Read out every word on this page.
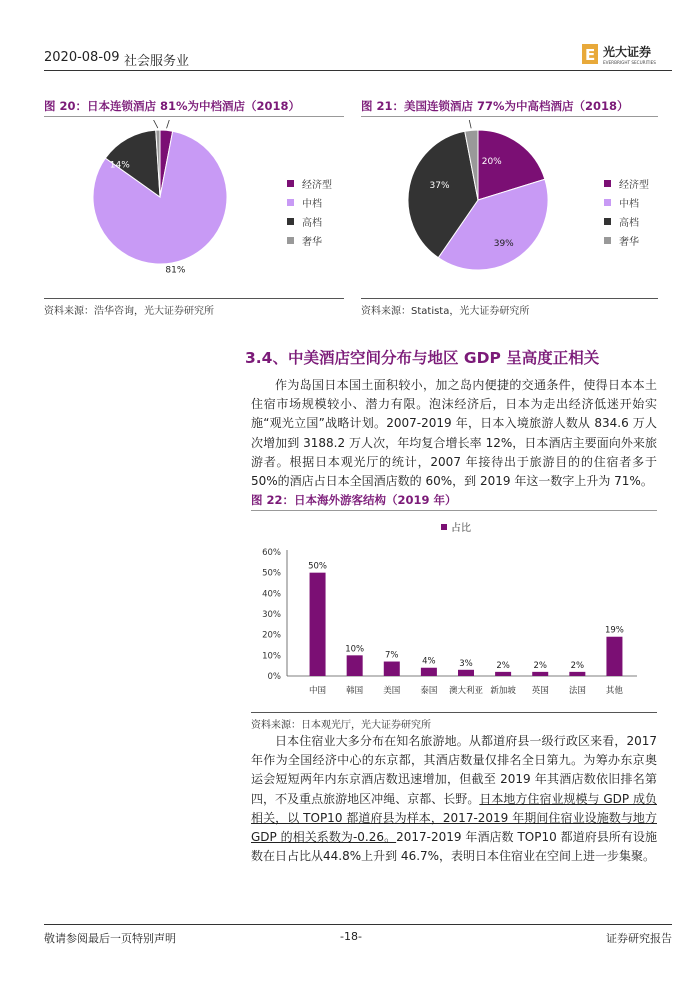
2020-08-09 社会服务业	E 光大证券
EVERBRIGHT SECURITIES
图 20：日本连锁酒店 81%为中档酒店（2018）
81%
14%
经济型
中档
高档
奢华
资料来源：浩华咨询，光大证券研究所
图 21：美国连锁酒店 77%为中高档酒店（2018）
20%
39%
37%	经济型
中档
高档
奢华
资料来源：Statista，光大证券研究所
3.4、中美酒店空间分布与地区 GDP 呈高度正相关

作为岛国日本国土面积较小，加之岛内便捷的交通条件，使得日本本土住宿市场规模较小、潜力有限。泡沫经济后，日本为走出经济低迷开始实施“观光立国”战略计划。2007-2019 年，日本入境旅游人数从 834.6 万人次增加到 3188.2 万人次，年均复合增长率 12%，日本酒店主要面向外来旅游者。根据日本观光厅的统计，2007 年接待出于旅游目的的住宿者多于 50%的酒店占日本全国酒店数的 60%，到 2019 年这一数字上升为 71%。

图 22：日本海外游客结构（2019 年）
占比
0%
10%
20%
30%
40%
50%
60%
50%
中国
10%
韩国
7%
美国
4%
泰国
3%
澳大利亚
2%
新加坡
2%
英国
2%
法国
19%
其他
资料来源：日本观光厅，光大证券研究所

日本住宿业大多分布在知名旅游地。从都道府县一级行政区来看，2017 年作为全国经济中心的东京都，其酒店数量仅排名全日第九。为筹办东京奥运会短短两年内东京酒店数迅速增加，但截至 2019 年其酒店数依旧排名第四，不及重点旅游地区冲绳、京都、长野。日本地方住宿业规模与 GDP 成负相关，以 TOP10 都道府县为样本，2017-2019 年期间住宿业设施数与地方 GDP 的相关系数为-0.26。2017-2019 年酒店数 TOP10 都道府县所有设施数在日占比从44.8%上升到 46.7%，表明日本住宿业在空间上进一步集聚。

敬请参阅最后一页特别声明	-18-	证券研究报告
